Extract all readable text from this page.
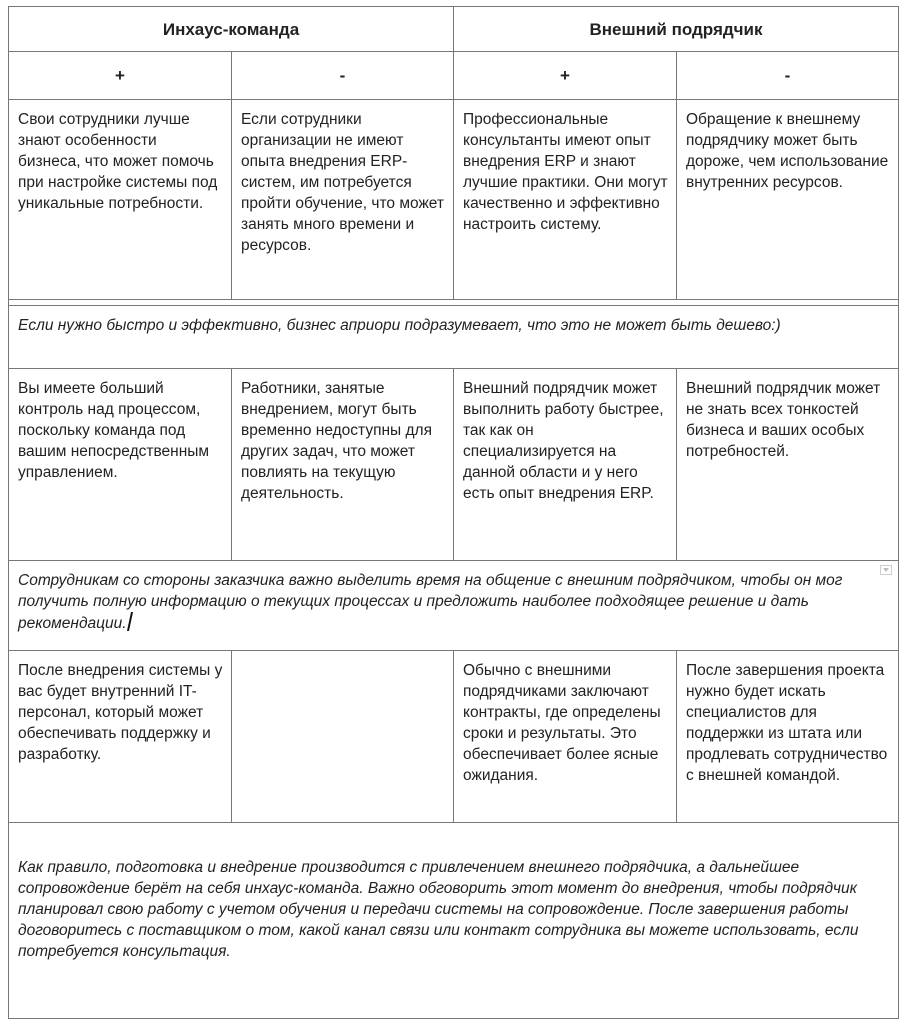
Инхаус-команда		Внешний подрядчик	
+	-	+	-
Свои сотрудники лучше знают особенности бизнеса, что может помочь при настройке системы под уникальные потребности.	Если сотрудники организации не имеют опыта внедрения ERP-систем, им потребуется пройти обучение, что может занять много времени и ресурсов.	Профессиональные консультанты имеют опыт внедрения ERP и знают лучшие практики. Они могут качественно и эффективно настроить систему.	Обращение к внешнему подрядчику может быть дороже, чем использование внутренних ресурсов.

Если нужно быстро и эффективно, бизнес априори подразумевает, что это не может быть дешево:)			
Вы имеете больший контроль над процессом, поскольку команда под вашим непосредственным управлением.	Работники, занятые внедрением, могут быть временно недоступны для других задач, что может повлиять на текущую деятельность.	Внешний подрядчик может выполнить работу быстрее, так как он специализируется на данной области и у него есть опыт внедрения ERP.	Внешний подрядчик может не знать всех тонкостей бизнеса и ваших особых потребностей.
Сотрудникам со стороны заказчика важно выделить время на общение с внешним подрядчиком, чтобы он мог получить полную информацию о текущих процессах и предложить наиболее подходящее решение и дать рекомендации.			

После внедрения системы у вас будет внутренний IT-персонал, который может обеспечивать поддержку и разработку.		Обычно с внешними подрядчиками заключают контракты, где определены сроки и результаты. Это обеспечивает более ясные ожидания.	После завершения проекта нужно будет искать специалистов для поддержки из штата или продлевать сотрудничество с внешней командой.
Как правило, подготовка и внедрение производится с привлечением внешнего подрядчика, а дальнейшее сопровождение берёт на себя инхаус-команда. Важно обговорить этот момент до внедрения, чтобы подрядчик планировал свою работу с учетом обучения и передачи системы на сопровождение. После завершения работы договоритесь с поставщиком о том, какой канал связи или контакт сотрудника вы можете использовать, если потребуется консультация.			
